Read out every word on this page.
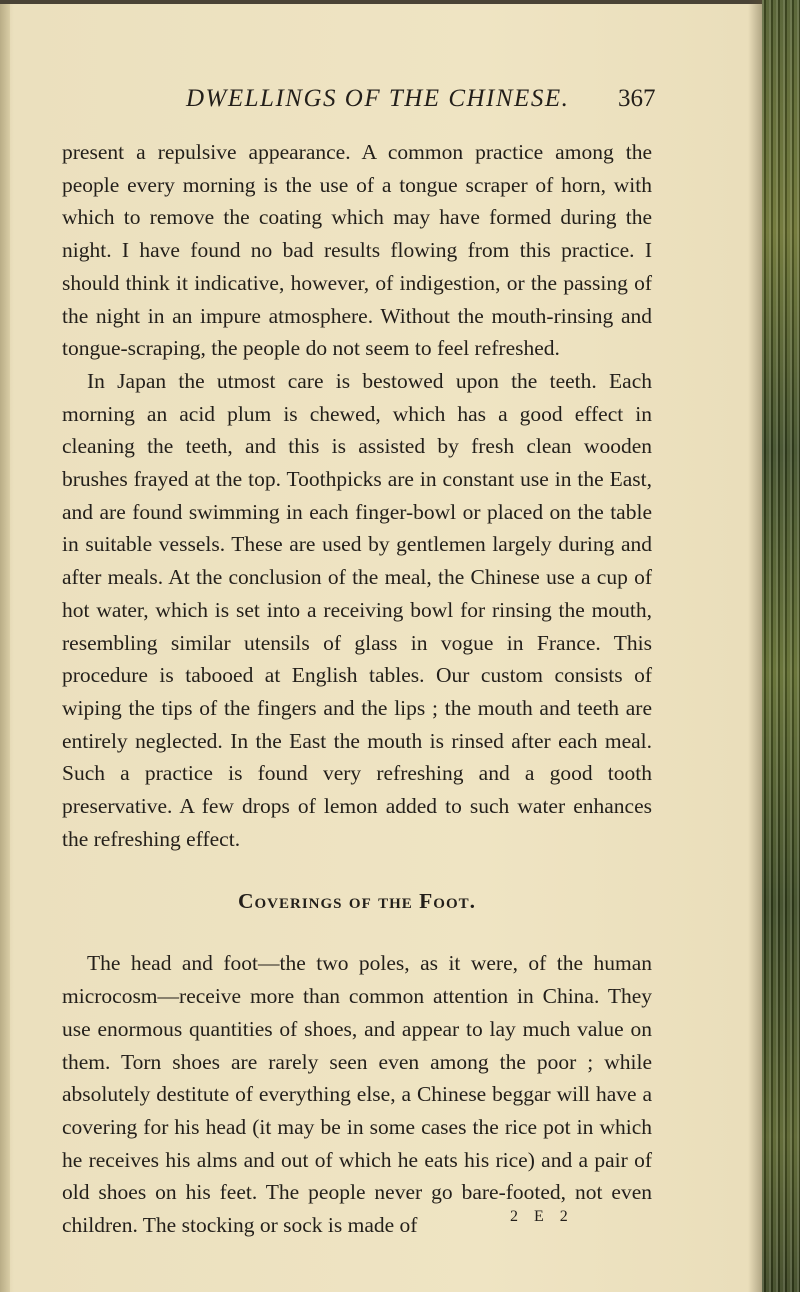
DWELLINGS OF THE CHINESE. 367

present a repulsive appearance. A common practice among the people every morning is the use of a tongue scraper of horn, with which to remove the coating which may have formed during the night. I have found no bad results flowing from this practice. I should think it indicative, however, of indigestion, or the passing of the night in an impure atmosphere. Without the mouth-rinsing and tongue-scraping, the people do not seem to feel refreshed.

In Japan the utmost care is bestowed upon the teeth. Each morning an acid plum is chewed, which has a good effect in cleaning the teeth, and this is assisted by fresh clean wooden brushes frayed at the top. Toothpicks are in constant use in the East, and are found swimming in each finger-bowl or placed on the table in suitable vessels. These are used by gentlemen largely during and after meals. At the conclusion of the meal, the Chinese use a cup of hot water, which is set into a receiving bowl for rinsing the mouth, resembling similar utensils of glass in vogue in France. This procedure is tabooed at English tables. Our custom consists of wiping the tips of the fingers and the lips ; the mouth and teeth are entirely neglected. In the East the mouth is rinsed after each meal. Such a practice is found very refreshing and a good tooth preservative. A few drops of lemon added to such water enhances the refreshing effect.

Coverings of the Foot.

The head and foot—the two poles, as it were, of the human microcosm—receive more than common attention in China. They use enormous quantities of shoes, and appear to lay much value on them. Torn shoes are rarely seen even among the poor ; while absolutely destitute of everything else, a Chinese beggar will have a covering for his head (it may be in some cases the rice pot in which he receives his alms and out of which he eats his rice) and a pair of old shoes on his feet. The people never go bare-footed, not even children. The stocking or sock is made of	2 E 2
